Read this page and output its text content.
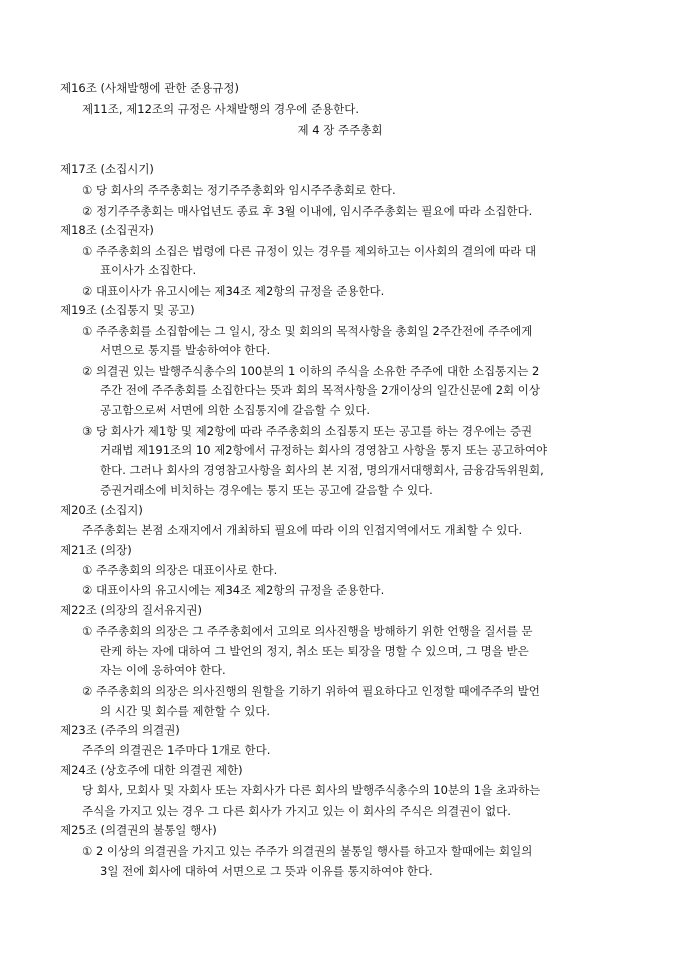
제16조 (사채발행에 관한 준용규정)
제11조, 제12조의 규정은 사채발행의 경우에 준용한다.
제 4 장 주주총회
제17조 (소집시기)
① 당 회사의 주주총회는 정기주주총회와 임시주주총회로 한다.
② 정기주주총회는 매사업년도 종료 후 3월 이내에, 임시주주총회는 필요에 따라 소집한다.
제18조 (소집권자)
① 주주총회의 소집은 법령에 다른 규정이 있는 경우를 제외하고는 이사회의 결의에 따라 대
표이사가 소집한다.
② 대표이사가 유고시에는 제34조 제2항의 규정을 준용한다.
제19조 (소집통지 및 공고)
① 주주총회를 소집함에는 그 일시, 장소 및 회의의 목적사항을 총회일 2주간전에 주주에게
서면으로 통지를 발송하여야 한다.
② 의결권 있는 발행주식총수의 100분의 1 이하의 주식을 소유한 주주에 대한 소집통지는 2
주간 전에 주주총회를 소집한다는 뜻과 회의 목적사항을 2개이상의 일간신문에 2회 이상
공고함으로써 서면에 의한 소집통지에 갈음할 수 있다.
③ 당 회사가 제1항 및 제2항에 따라 주주총회의 소집통지 또는 공고를 하는 경우에는 증권
거래법 제191조의 10 제2항에서 규정하는 회사의 경영참고 사항을 통지 또는 공고하여야
한다. 그러나 회사의 경영참고사항을 회사의 본 지점, 명의개서대행회사, 금융감독위원회,
증권거래소에 비치하는 경우에는 통지 또는 공고에 갈음할 수 있다.
제20조 (소집지)
주주총회는 본점 소재지에서 개최하되 필요에 따라 이의 인접지역에서도 개최할 수 있다.
제21조 (의장)
① 주주총회의 의장은 대표이사로 한다.
② 대표이사의 유고시에는 제34조 제2항의 규정을 준용한다.
제22조 (의장의 질서유지권)
① 주주총회의 의장은 그 주주총회에서 고의로 의사진행을 방해하기 위한 언행을 질서를 문
란케 하는 자에 대하여 그 발언의 정지, 취소 또는 퇴장을 명할 수 있으며, 그 명을 받은
자는 이에 응하여야 한다.
② 주주총회의 의장은 의사진행의 원할을 기하기 위하여 필요하다고 인정할 때에주주의 발언
의 시간 및 회수를 제한할 수 있다.
제23조 (주주의 의결권)
주주의 의결권은 1주마다 1개로 한다.
제24조 (상호주에 대한 의결권 제한)
당 회사, 모회사 및 자회사 또는 자회사가 다른 회사의 발행주식총수의 10분의 1을 초과하는
주식을 가지고 있는 경우 그 다른 회사가 가지고 있는 이 회사의 주식은 의결권이 없다.
제25조 (의결권의 불통일 행사)
① 2 이상의 의결권을 가지고 있는 주주가 의결권의 불통일 행사를 하고자 할때에는 회일의
3일 전에 회사에 대하여 서면으로 그 뜻과 이유를 통지하여야 한다.
